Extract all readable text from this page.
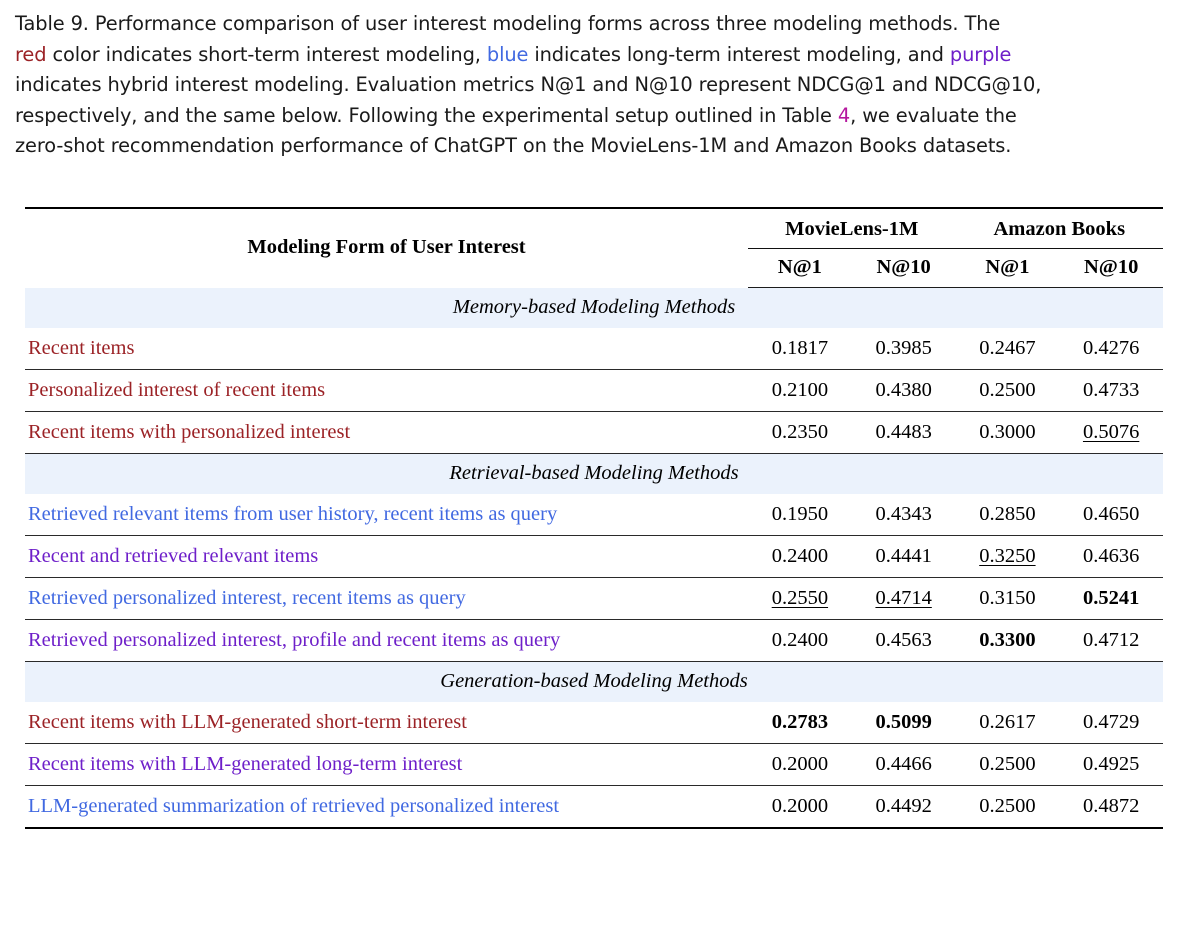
Table 9. Performance comparison of user interest modeling forms across three modeling methods. The
red color indicates short-term interest modeling, blue indicates long-term interest modeling, and purple
indicates hybrid interest modeling. Evaluation metrics N@1 and N@10 represent NDCG@1 and NDCG@10,
respectively, and the same below. Following the experimental setup outlined in Table 4, we evaluate the
zero-shot recommendation performance of ChatGPT on the MovieLens-1M and Amazon Books datasets.
Modeling Form of User Interest	MovieLens-1M		Amazon Books	
	N@1	N@10	N@1	N@10
Memory-based Modeling Methods				
Recent items	0.1817	0.3985	0.2467	0.4276
Personalized interest of recent items	0.2100	0.4380	0.2500	0.4733
Recent items with personalized interest	0.2350	0.4483	0.3000	0.5076
Retrieval-based Modeling Methods				
Retrieved relevant items from user history, recent items as query	0.1950	0.4343	0.2850	0.4650
Recent and retrieved relevant items	0.2400	0.4441	0.3250	0.4636
Retrieved personalized interest, recent items as query	0.2550	0.4714	0.3150	0.5241
Retrieved personalized interest, profile and recent items as query	0.2400	0.4563	0.3300	0.4712
Generation-based Modeling Methods				
Recent items with LLM-generated short-term interest	0.2783	0.5099	0.2617	0.4729
Recent items with LLM-generated long-term interest	0.2000	0.4466	0.2500	0.4925
LLM-generated summarization of retrieved personalized interest	0.2000	0.4492	0.2500	0.4872
